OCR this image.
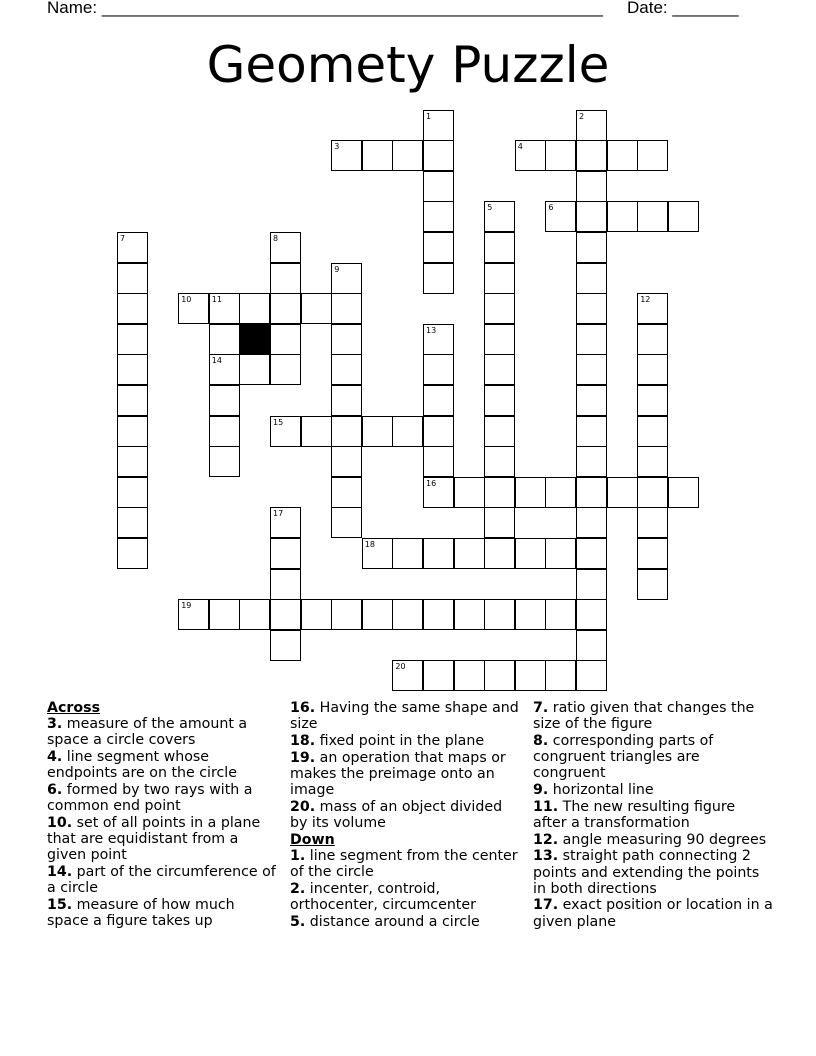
Name: _____________________________________________________ Date: _______
Geomety Puzzle
1	2
3	4
5	6
7	8
9
10	11
14
12
13
15
16
17
18
19
20
Across
3. measure of the amount a space a circle covers
4. line segment whose endpoints are on the circle
6. formed by two rays with a common end point
10. set of all points in a plane that are equidistant from a given point
14. part of the circumference of a circle
15. measure of how much space a figure takes up
16. Having the same shape and size
18. fixed point in the plane
19. an operation that maps or makes the preimage onto an image
20. mass of an object divided by its volume
Down
1. line segment from the center of the circle
2. incenter, controid, orthocenter, circumcenter
5. distance around a circle
7. ratio given that changes the size of the figure
8. corresponding parts of congruent triangles are congruent
9. horizontal line
11. The new resulting figure after a transformation
12. angle measuring 90 degrees
13. straight path connecting 2 points and extending the points in both directions
17. exact position or location in a given plane
